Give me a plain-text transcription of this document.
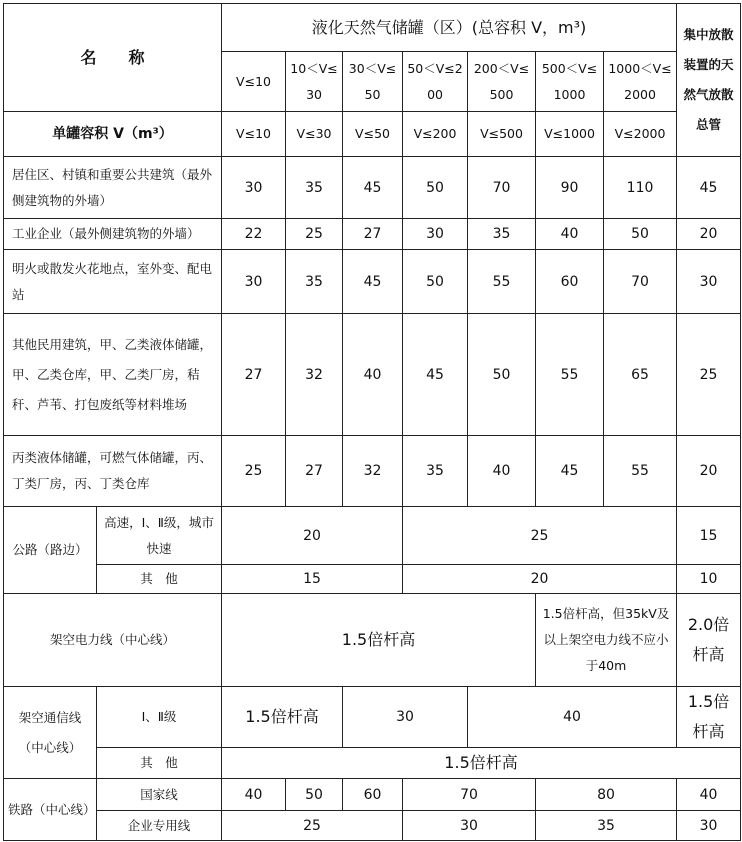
名　　称		液化天然气储罐（区）(总容积 V，m³)							集中放散装置的天然气放散总管
		V≤10	10＜V≤30	30＜V≤50	50＜V≤200	200＜V≤500	500＜V≤1000	1000＜V≤2000	
单罐容积 V（m³）		V≤10	V≤30	V≤50	V≤200	V≤500	V≤1000	V≤2000	
居住区、村镇和重要公共建筑（最外侧建筑物的外墙）		30	35	45	50	70	90	110	45
工业企业（最外侧建筑物的外墙）		22	25	27	30	35	40	50	20
明火或散发火花地点，室外变、配电站		30	35	45	50	55	60	70	30
其他民用建筑，甲、乙类液体储罐，甲、乙类仓库，甲、乙类厂房，秸秆、芦苇、打包废纸等材料堆场		27	32	40	45	50	55	65	25
丙类液体储罐，可燃气体储罐，丙、丁类厂房，丙、丁类仓库		25	27	32	35	40	45	55	20
公路（路边）	高速，Ⅰ、Ⅱ级，城市快速	20			25				15
	其　他	15			20				10
架空电力线（中心线）		1.5倍杆高					1.5倍杆高，但35kV及以上架空电力线不应小于40m		2.0倍杆高
架空通信线（中心线）	Ⅰ、Ⅱ级	1.5倍杆高		30		40			1.5倍杆高
	其　他	1.5倍杆高							
铁路（中心线）	国家线	40	50	60	70		80		40
	企业专用线	25			30		35		30
